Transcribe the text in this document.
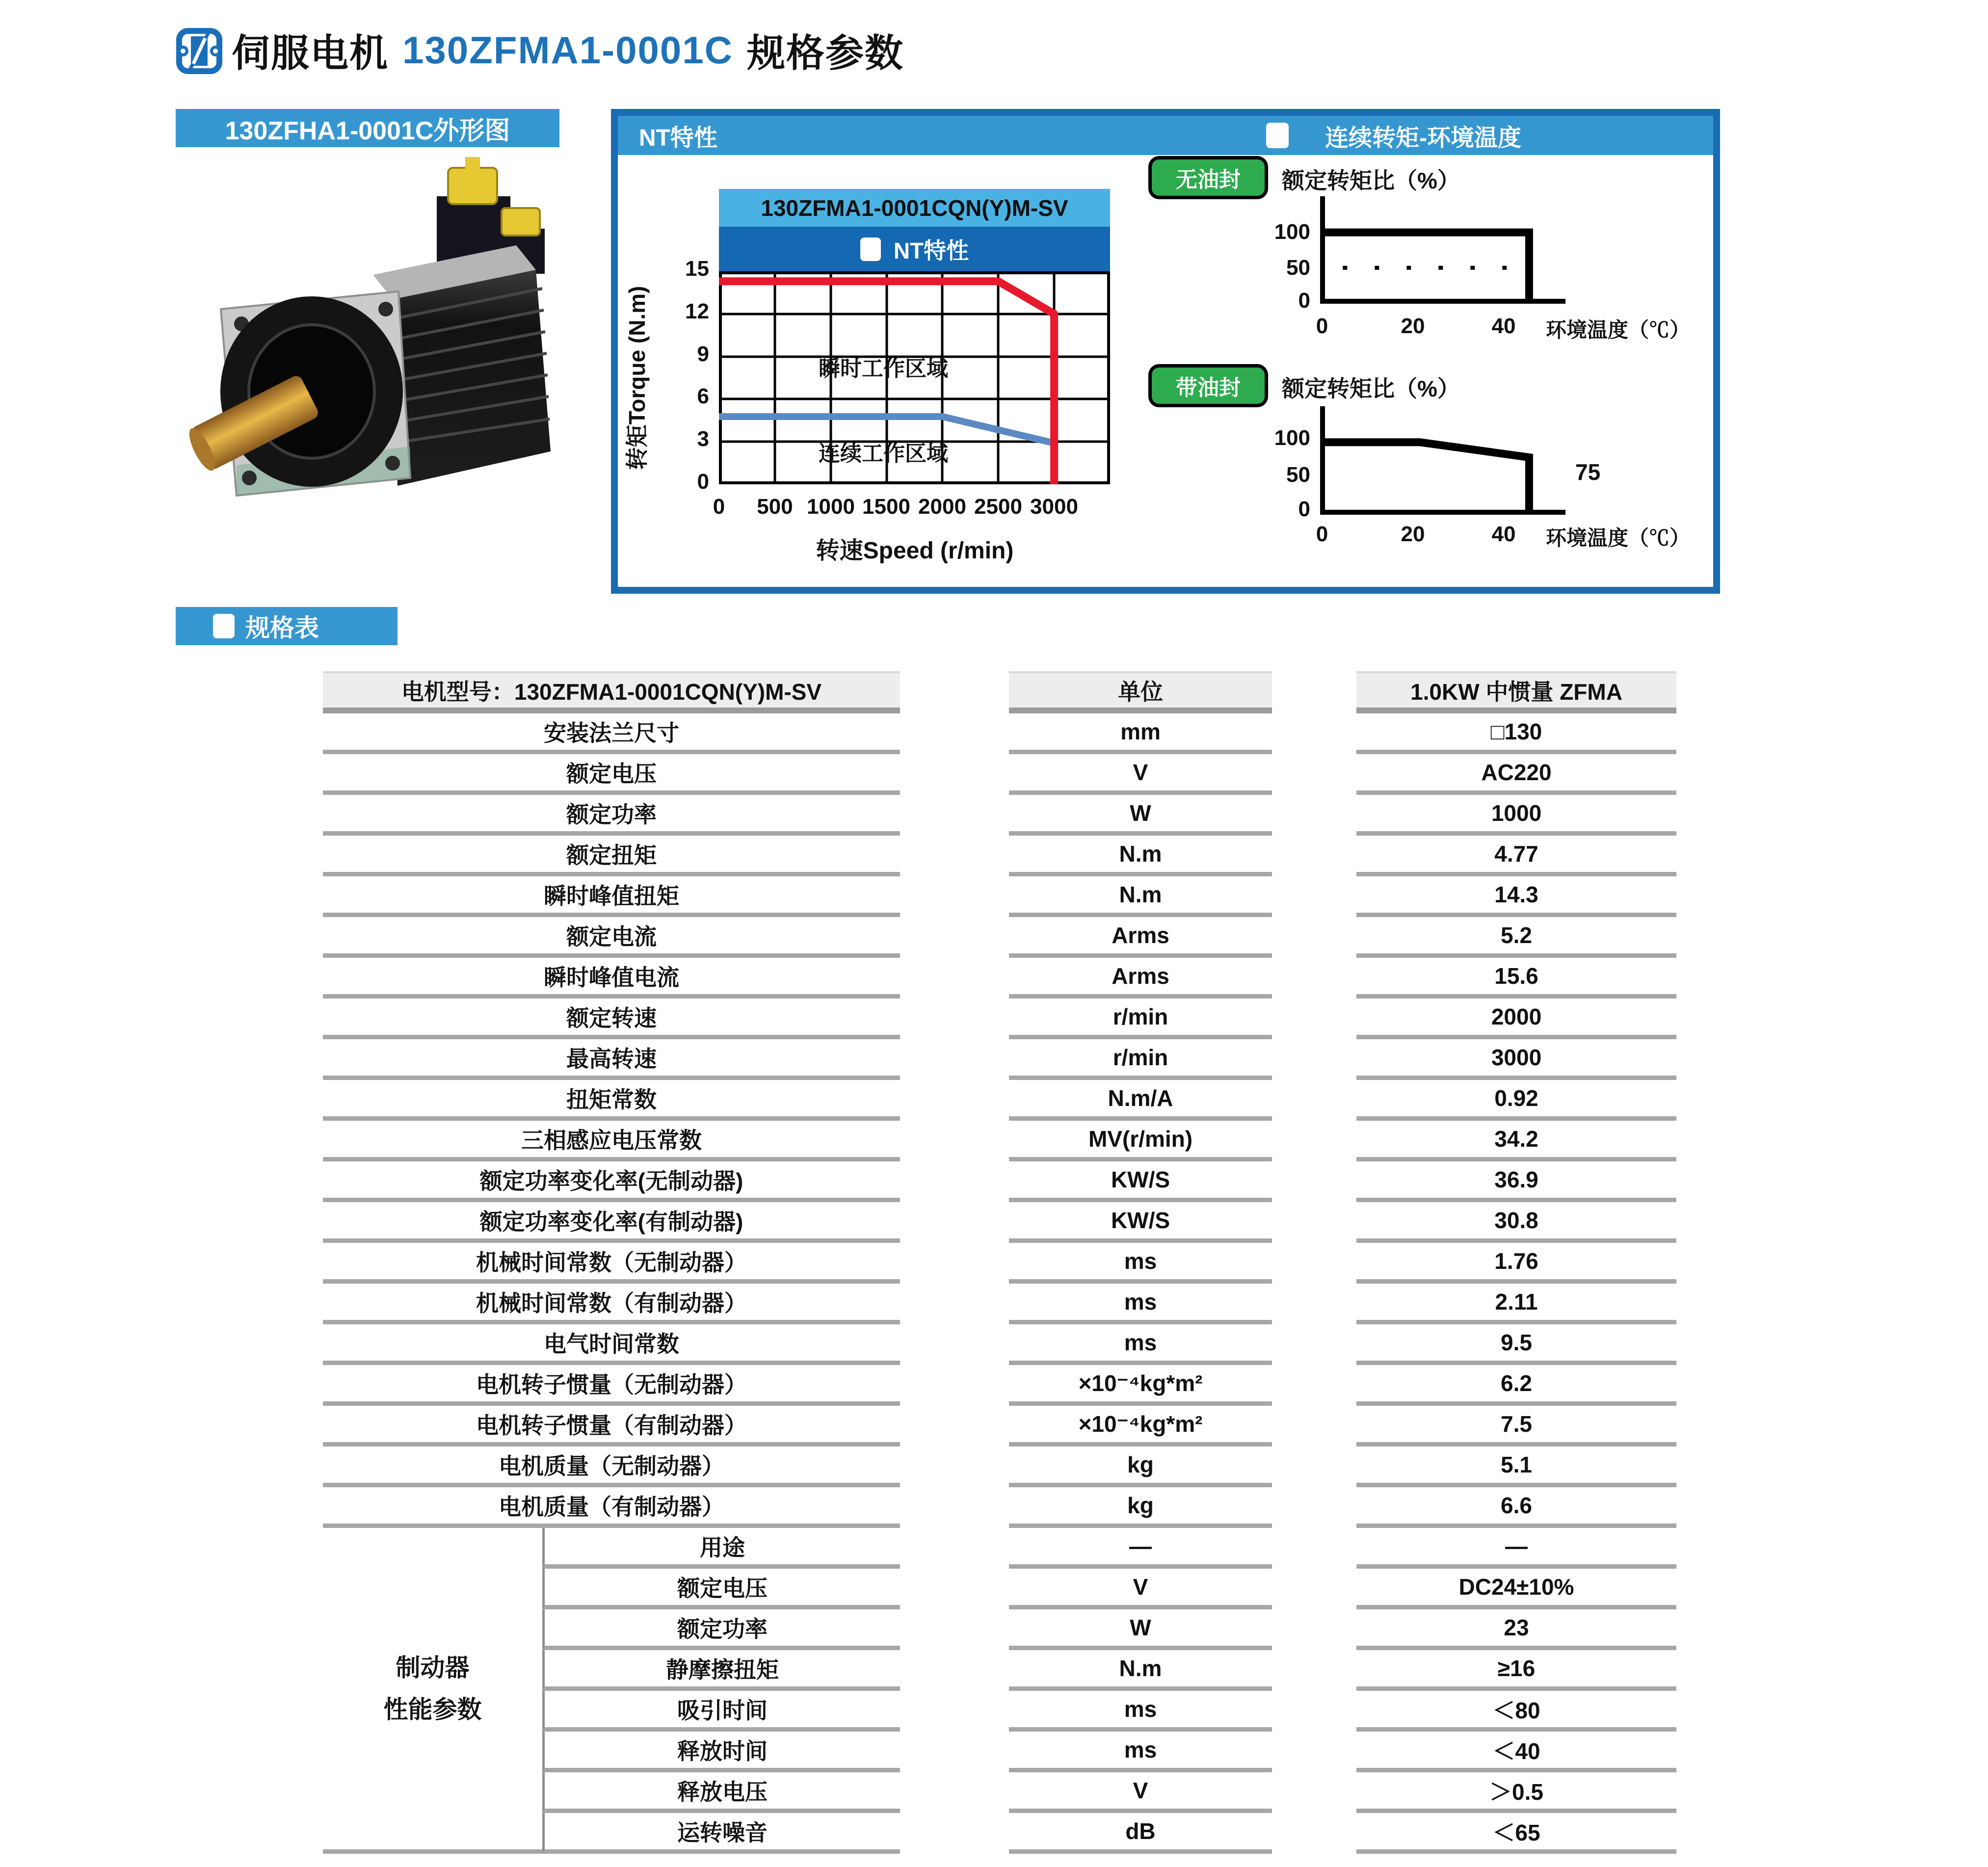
伺服电机 130ZFMA1-0001C 规格参数
130ZFHA1-0001C外形图	NT特性	连续转矩-环境温度
130ZFMA1-0001CQN(Y)M-SV
NT特性
15
12
9
6
3
0
0	500 1000 1500 2000 2500 3000
转矩Torque (N.m)
转速Speed (r/min)
瞬时工作区域
连续工作区域
无油封 额定转矩比（%）
100
50
0
0	20	40	环境温度（℃）
带油封 额定转矩比（%）
100
50
0
75
0	20	40	环境温度（℃）
规格表
电机型号：130ZFMA1-0001CQN(Y)M-SV	单位	1.0KW 中惯量 ZFMA
安装法兰尺寸	mm	□130
额定电压	V	AC220
额定功率	W	1000
额定扭矩	N.m	4.77
瞬时峰值扭矩	N.m	14.3
额定电流	Arms	5.2
瞬时峰值电流	Arms	15.6
额定转速	r/min	2000
最高转速	r/min	3000
扭矩常数	N.m/A	0.92
三相感应电压常数	MV(r/min)	34.2
额定功率变化率(无制动器)	KW/S	36.9
额定功率变化率(有制动器)	KW/S	30.8
机械时间常数（无制动器）	ms	1.76
机械时间常数（有制动器）	ms	2.11
电气时间常数	ms	9.5
电机转子惯量（无制动器）	×10⁻⁴kg*m²	6.2
电机转子惯量（有制动器）	×10⁻⁴kg*m²	7.5
电机质量（无制动器）	kg	5.1
电机质量（有制动器）	kg	6.6
制动器
性能参数
用途	—	—
额定电压	V	DC24±10%
额定功率	W	23
静摩擦扭矩	N.m	≥16
吸引时间	ms	＜80
释放时间	ms	＜40
释放电压	V	＞0.5
运转噪音	dB	＜65
